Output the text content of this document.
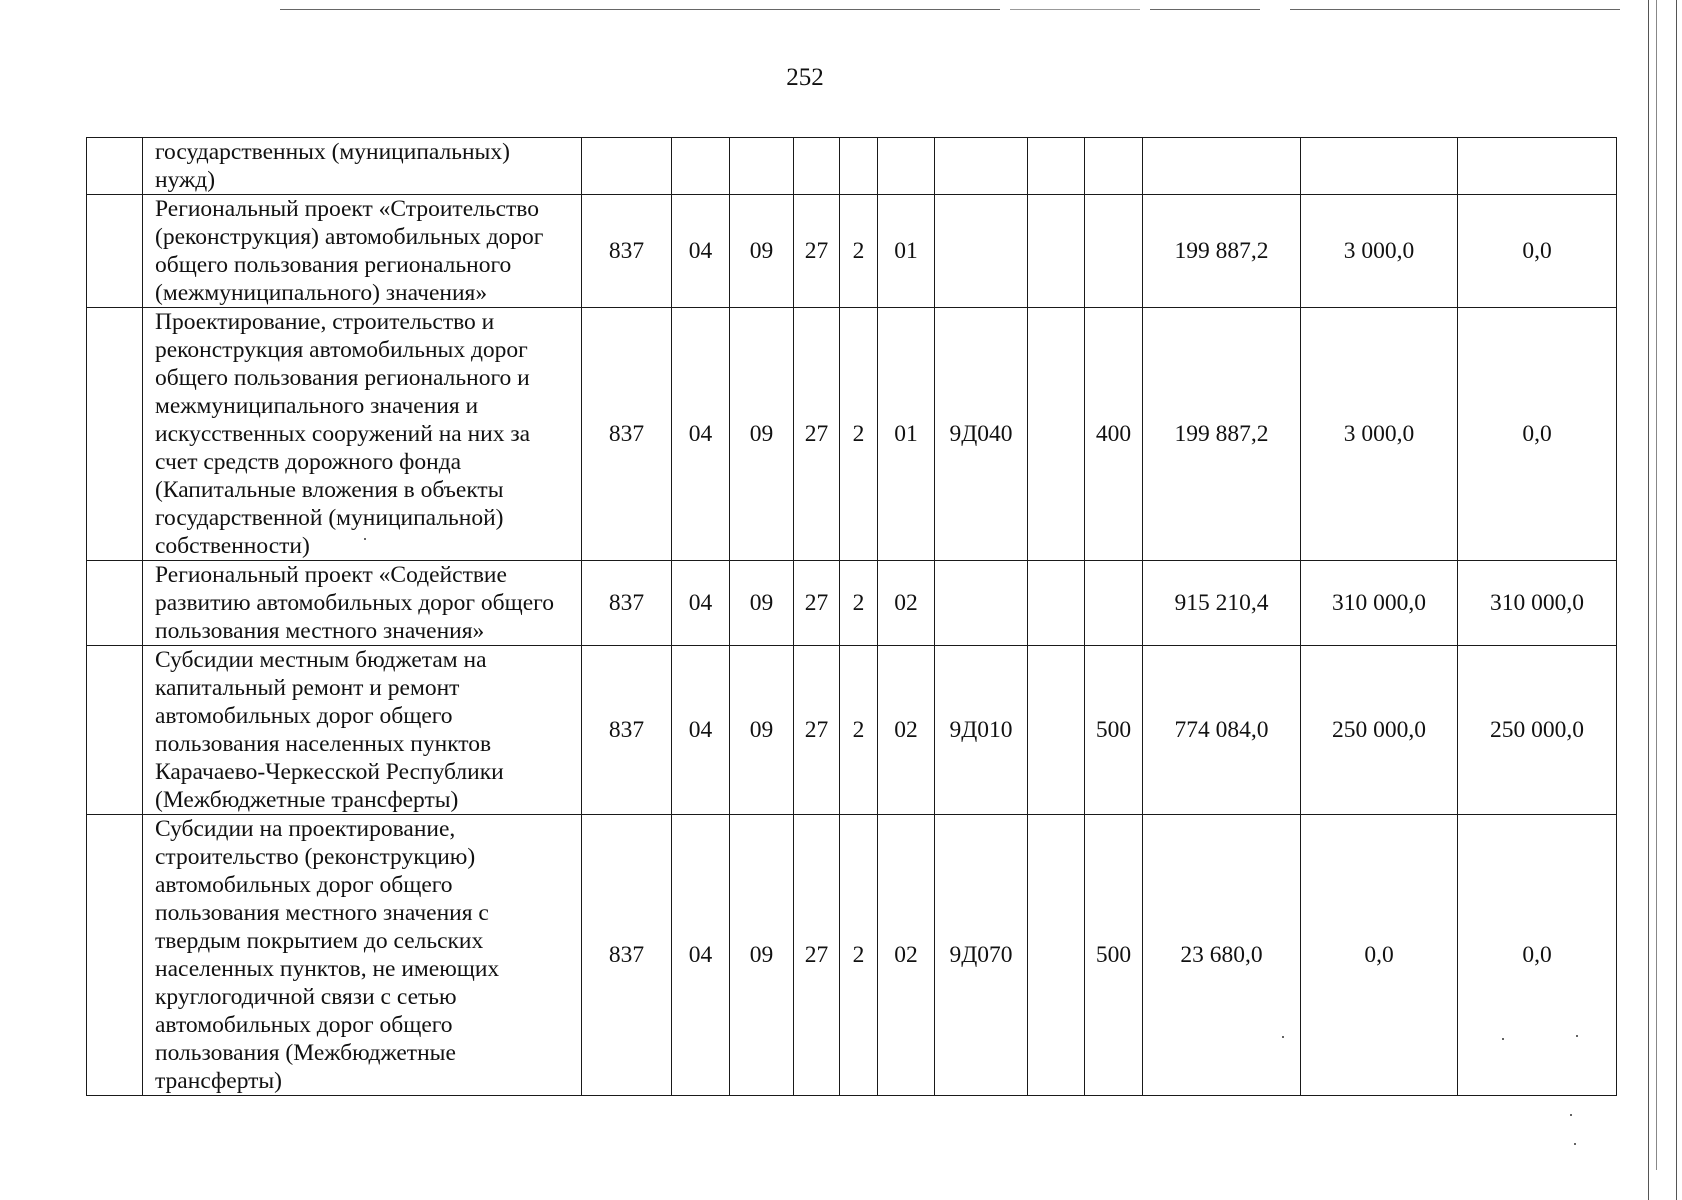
252
	государственных (муниципальных) нужд)												
	Региональный проект «Строительство (реконструкция) автомобильных дорог общего пользования регионального (межмуниципального) значения»	837	04	09	27	2	01				199 887,2	3 000,0	0,0
	Проектирование, строительство и реконструкция автомобильных дорог общего пользования регионального и межмуниципального значения и искусственных сооружений на них за счет средств дорожного фонда (Капитальные вложения в объекты государственной (муниципальной) собственности)	837	04	09	27	2	01	9Д040		400	199 887,2	3 000,0	0,0
	Региональный проект «Содействие развитию автомобильных дорог общего пользования местного значения»	837	04	09	27	2	02				915 210,4	310 000,0	310 000,0
	Субсидии местным бюджетам на капитальный ремонт и ремонт автомобильных дорог общего пользования населенных пунктов Карачаево-Черкесской Республики (Межбюджетные трансферты)	837	04	09	27	2	02	9Д010		500	774 084,0	250 000,0	250 000,0
	Субсидии на проектирование, строительство (реконструкцию) автомобильных дорог общего пользования местного значения с твердым покрытием до сельских населенных пунктов, не имеющих круглогодичной связи с сетью автомобильных дорог общего пользования (Межбюджетные трансферты)	837	04	09	27	2	02	9Д070		500	23 680,0	0,0	0,0
